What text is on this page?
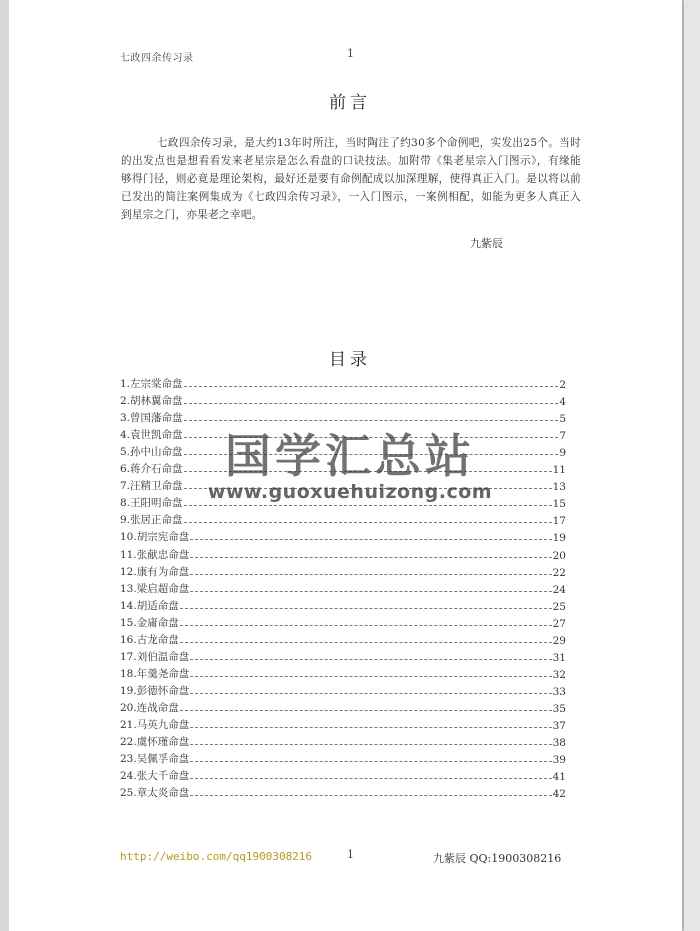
七政四余传习录	1
前言
七政四余传习录，是大约13年时所注，当时陶注了约30多个命例吧，实发出25个。当时的出发点也是想看看发来老星宗是怎么看盘的口诀技法。加附带《集老星宗入门图示》，有缘能够得门径，则必竟是理论架构，最好还是要有命例配成以加深理解，使得真正入门。是以将以前已发出的简注案例集成为《七政四余传习录》，一入门图示，一案例相配，如能为更多人真正入到星宗之门，亦果老之幸吧。
九紫辰
目录
1.左宗棠命盘	2
2.胡林翼命盘	4
3.曾国藩命盘	5
4.袁世凯命盘	7
5.孙中山命盘	9
6.蒋介石命盘	11
7.汪精卫命盘	13
8.王阳明命盘	15
9.张居正命盘	17
10.胡宗宪命盘	19
11.张献忠命盘	20
12.康有为命盘	22
13.梁启超命盘	24
14.胡适命盘	25
15.金庸命盘	27
16.古龙命盘	29
17.刘伯温命盘	31
18.年羹尧命盘	32
19.彭德怀命盘	33
20.连战命盘	35
21.马英九命盘	37
22.虞怀瑾命盘	38
23.吴佩孚命盘	39
24.张大千命盘	41
25.章太炎命盘	42
国学汇总站
www.guoxuehuizong.com
http://weibo.com/qq1900308216	1	九紫辰 QQ:1900308216
